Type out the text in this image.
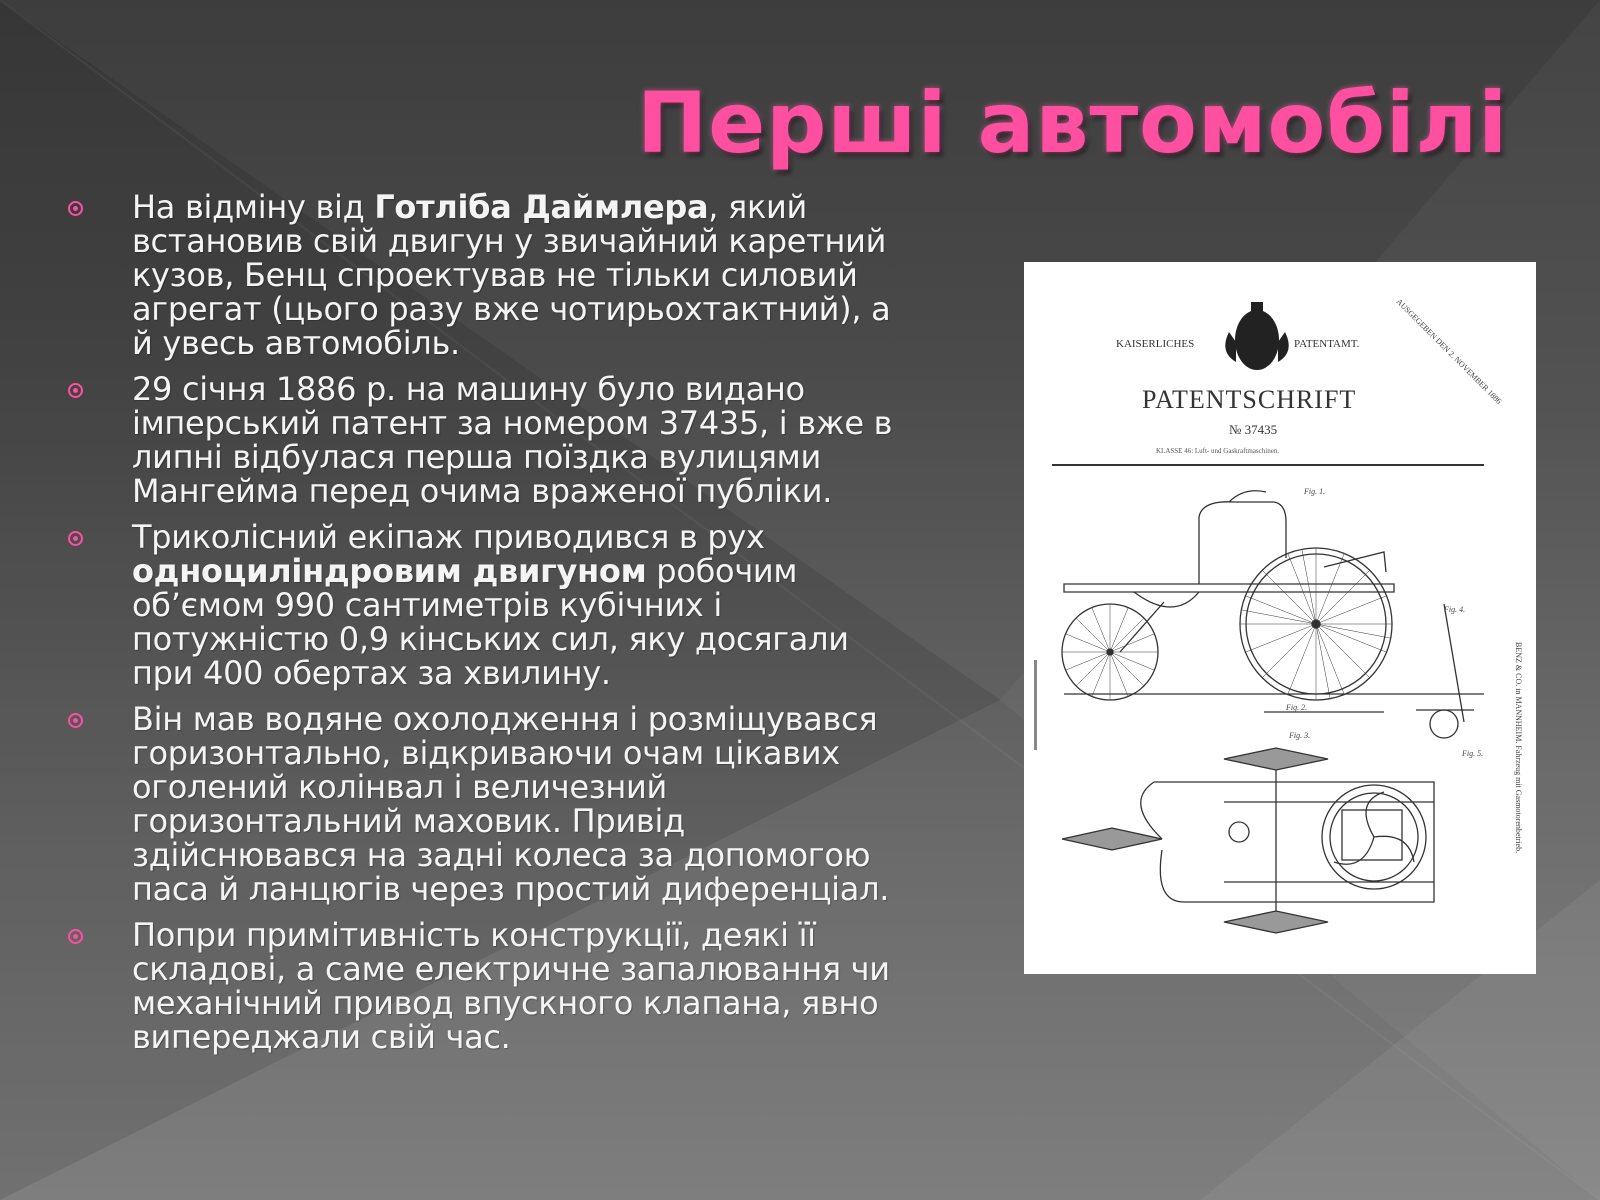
Перші автомобілі
На відміну від Готліба Даймлера, який встановив свій двигун у звичайний каретний кузов, Бенц спроектував не тільки силовий агрегат (цього разу вже чотирьохтактний), а й увесь автомобіль.
29 січня 1886 р. на машину було видано імперський патент за номером 37435, і вже в липні відбулася перша поїздка вулицями Мангейма перед очима враженої публіки.
Триколісний екіпаж приводився в рух одноциліндровим двигуном робочим об’ємом 990 сантиметрів кубічних і потужністю 0,9 кінських сил, яку досягали при 400 обертах за хвилину.
Він мав водяне охолодження і розміщувався горизонтально, відкриваючи очам цікавих оголений колінвал і величезний горизонтальний маховик. Привід здійснювався на задні колеса за допомогою паса й ланцюгів через простий диференціал.
Попри примітивність конструкції, деякі її складові, а саме електричне запалювання чи механічний привод впускного клапана, явно випереджали свій час.
KAISERLICHES	PATENTAMT.
PATENTSCHRIFT
№ 37435
KLASSE 46: Luft- und Gaskraftmaschinen.
AUSGEGEBEN DEN 2. NOVEMBER 1886
BENZ & CO. in MANNHEIM. Fahrzeug mit Gasmotorenbetrieb.
Fig. 1.
Fig. 2.
Fig. 3.
Fig. 4.
Fig. 5.
